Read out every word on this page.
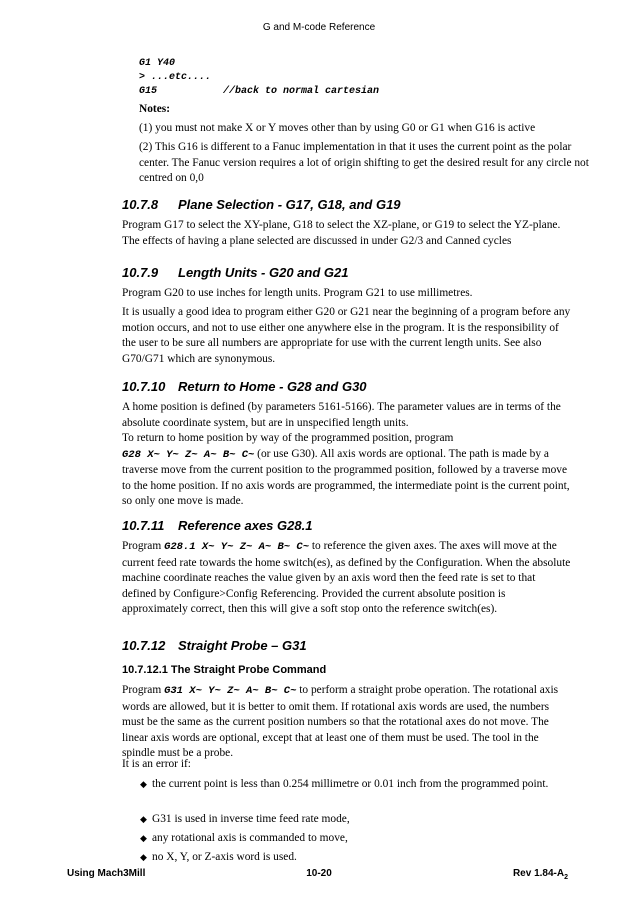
G and M-code Reference
G1 Y40
> ...etc....
G15           //back to normal cartesian
Notes:
(1) you must not make X or Y moves other than by using G0 or G1 when G16 is active
(2) This G16 is different to a Fanuc implementation in that it uses the current point as the polar center. The Fanuc version requires a lot of origin shifting to get the desired result for any circle not centred on 0,0
10.7.8 Plane Selection - G17, G18, and G19
Program G17 to select the XY-plane, G18 to select the XZ-plane, or G19 to select the YZ-plane. The effects of having a plane selected are discussed in under G2/3 and Canned cycles
10.7.9 Length Units - G20 and G21
Program G20 to use inches for length units. Program G21 to use millimetres.
It is usually a good idea to program either G20 or G21 near the beginning of a program before any motion occurs, and not to use either one anywhere else in the program. It is the responsibility of the user to be sure all numbers are appropriate for use with the current length units. See also G70/G71 which are synonymous.
10.7.10 Return to Home - G28 and G30
A home position is defined (by parameters 5161-5166). The parameter values are in terms of the absolute coordinate system, but are in unspecified length units.
To return to home position by way of the programmed position, program
G28 X~ Y~ Z~ A~ B~ C~ (or use G30). All axis words are optional. The path is made by a traverse move from the current position to the programmed position, followed by a traverse move to the home position. If no axis words are programmed, the intermediate point is the current point, so only one move is made.
10.7.11 Reference axes G28.1
Program G28.1 X~ Y~ Z~ A~ B~ C~ to reference the given axes. The axes will move at the current feed rate towards the home switch(es), as defined by the Configuration. When the absolute machine coordinate reaches the value given by an axis word then the feed rate is set to that defined by Configure>Config Referencing. Provided the current absolute position is approximately correct, then this will give a soft stop onto the reference switch(es).
10.7.12 Straight Probe – G31
10.7.12.1 The Straight Probe Command
Program G31 X~ Y~ Z~ A~ B~ C~ to perform a straight probe operation. The rotational axis words are allowed, but it is better to omit them. If rotational axis words are used, the numbers must be the same as the current position numbers so that the rotational axes do not move. The linear axis words are optional, except that at least one of them must be used. The tool in the spindle must be a probe.
It is an error if:
◆ the current point is less than 0.254 millimetre or 0.01 inch from the programmed point.
◆ G31 is used in inverse time feed rate mode,
◆ any rotational axis is commanded to move,
◆ no X, Y, or Z-axis word is used.
Using Mach3Mill	10-20	Rev $1.84-A_2$
